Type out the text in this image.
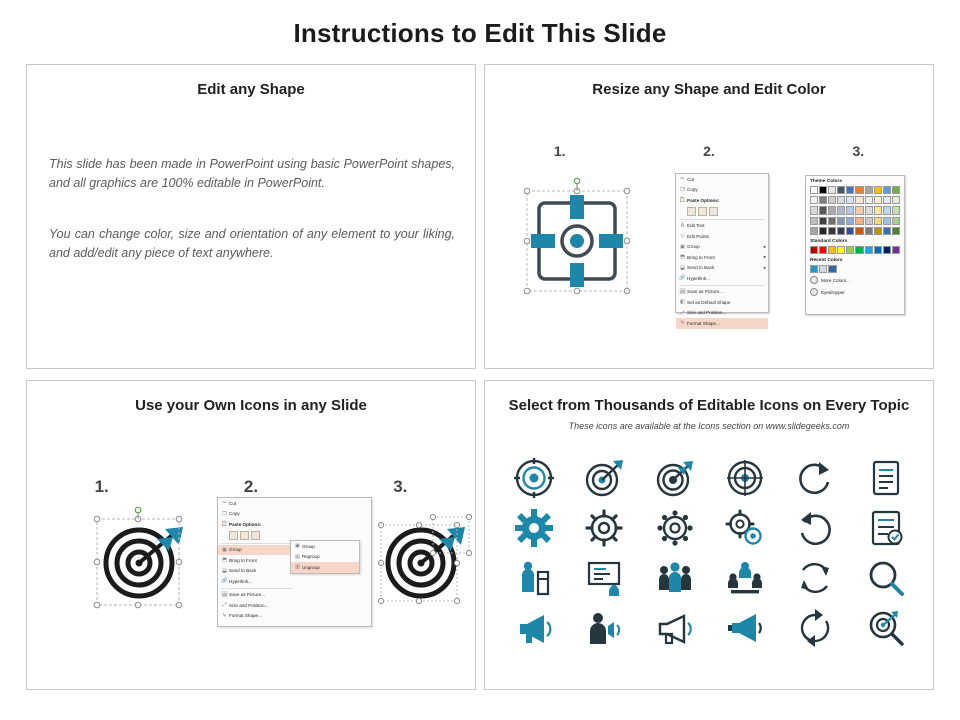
Instructions to Edit This Slide
Edit any Shape
This slide has been made in PowerPoint using basic PowerPoint shapes, and all graphics are 100% editable in PowerPoint.
You can change color, size and orientation of any element to your liking, and add/edit any piece of text anywhere.
Resize any Shape and Edit Color
1.	2.	3.
✂ Cut
❐ Copy
📋 Paste Options:
A Edit Text
◇ Edit Points
▣ Group	▸
⬒ Bring to Front	▸
⬓ Send to Back	▸
🔗 Hyperlink...
🖼 Save as Picture...
◧ Set as Default Shape
⤢ Size and Position...
✎ Format Shape...
Theme Colors
Standard Colors
Recent Colors
More Colors...
Eyedropper
Use your Own Icons in any Slide
1.	2.	3.
✂ Cut
❐ Copy
📋 Paste Options:
▣ Group
⬒ Bring to Front
⬓ Send to Back
🔗 Hyperlink...
🖼 Save as Picture...
⤢ Size and Position...
✎ Format Shape...
▣ Group
▤ Regroup
▥ Ungroup
Select from Thousands of Editable Icons on Every Topic
These icons are available at the Icons section on www.slidegeeks.com
